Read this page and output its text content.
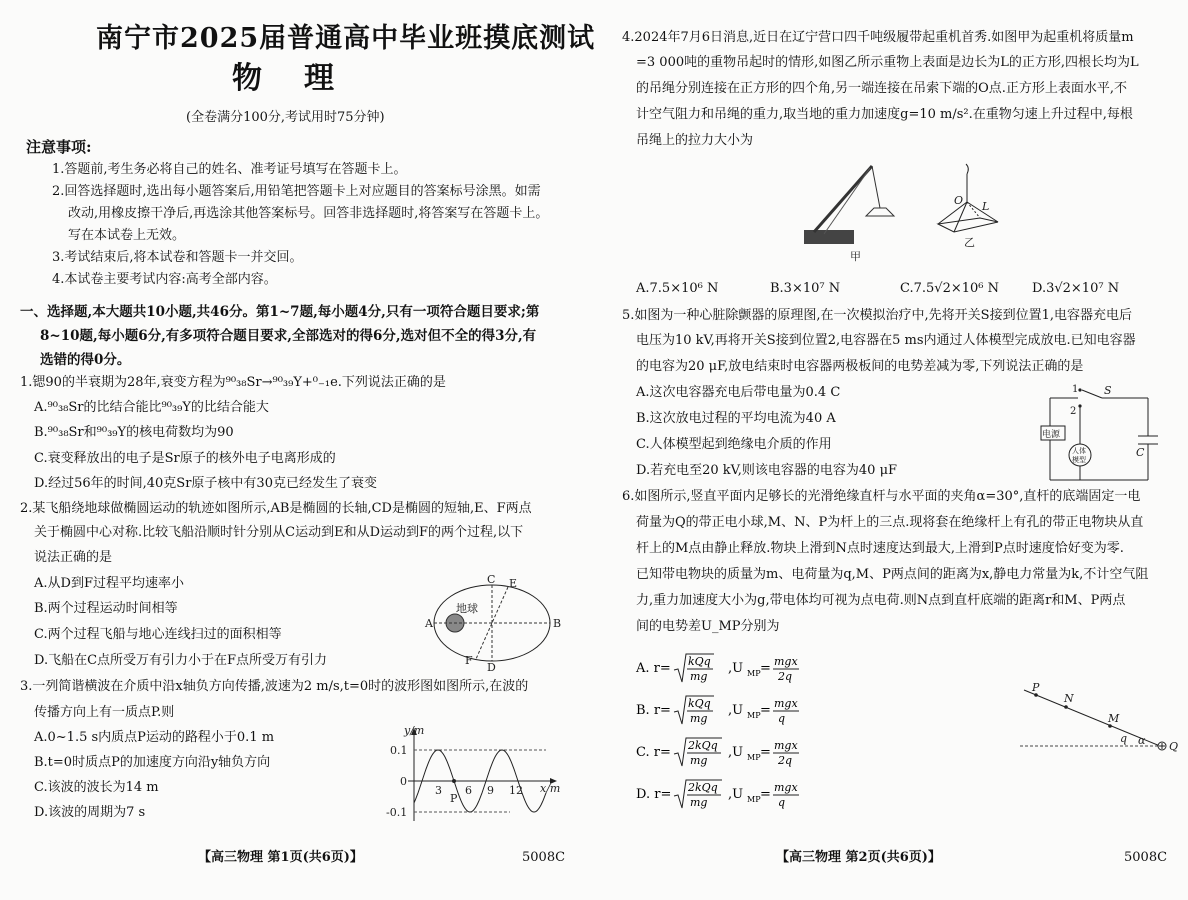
南宁市2025届普通高中毕业班摸底测试
物理
(全卷满分100分,考试用时75分钟)
注意事项:
1.答题前,考生务必将自己的姓名、准考证号填写在答题卡上。
2.回答选择题时,选出每小题答案后,用铅笔把答题卡上对应题目的答案标号涂黑。如需
改动,用橡皮擦干净后,再选涂其他答案标号。回答非选择题时,将答案写在答题卡上。
写在本试卷上无效。
3.考试结束后,将本试卷和答题卡一并交回。
4.本试卷主要考试内容:高考全部内容。
一、选择题,本大题共10小题,共46分。第1~7题,每小题4分,只有一项符合题目要求;第
8~10题,每小题6分,有多项符合题目要求,全部选对的得6分,选对但不全的得3分,有
选错的得0分。
1.锶90的半衰期为28年,衰变方程为⁹⁰₃₈Sr→⁹⁰₃₉Y+⁰₋₁e.下列说法正确的是
A.⁹⁰₃₈Sr的比结合能比⁹⁰₃₉Y的比结合能大
B.⁹⁰₃₈Sr和⁹⁰₃₉Y的核电荷数均为90
C.衰变释放出的电子是Sr原子的核外电子电离形成的
D.经过56年的时间,40克Sr原子核中有30克已经发生了衰变
2.某飞船绕地球做椭圆运动的轨迹如图所示,AB是椭圆的长轴,CD是椭圆的短轴,E、F两点
关于椭圆中心对称.比较飞船沿顺时针分别从C运动到E和从D运动到F的两个过程,以下
说法正确的是
A.从D到F过程平均速率小
B.两个过程运动时间相等
C.两个过程飞船与地心连线扫过的面积相等
D.飞船在C点所受万有引力小于在F点所受万有引力
地球
A	B
C
D
E
F
3.一列简谐横波在介质中沿x轴负方向传播,波速为2 m/s,t=0时的波形图如图所示,在波的
传播方向上有一质点P.则
A.0~1.5 s内质点P运动的路程小于0.1 m
B.t=0时质点P的加速度方向沿y轴负方向
C.该波的波长为14 m
D.该波的周期为7 s
y/m
x/m
0.1
0
-0.1
3 6 9 12
P
【高三物理 第1页(共6页)】	5008C
4.2024年7月6日消息,近日在辽宁营口四千吨级履带起重机首秀.如图甲为起重机将质量m
=3 000吨的重物吊起时的情形,如图乙所示重物上表面是边长为L的正方形,四根长均为L
的吊绳分别连接在正方形的四个角,另一端连接在吊索下端的O点.正方形上表面水平,不
计空气阻力和吊绳的重力,取当地的重力加速度g=10 m/s².在重物匀速上升过程中,每根
吊绳上的拉力大小为
甲
O L
乙
A.7.5×10⁶ N	B.3×10⁷ N	C.7.5√2×10⁶ N	D.3√2×10⁷ N
5.如图为一种心脏除颤器的原理图,在一次模拟治疗中,先将开关S接到位置1,电容器充电后
电压为10 kV,再将开关S接到位置2,电容器在5 ms内通过人体模型完成放电.已知电容器
的电容为20 μF,放电结束时电容器两极板间的电势差减为零,下列说法正确的是
A.这次电容器充电后带电量为0.4 C
B.这次放电过程的平均电流为40 A
C.人体模型起到绝缘电介质的作用
D.若充电至20 kV,则该电容器的电容为40 μF
电源
人体
模型
S
C
1
2
6.如图所示,竖直平面内足够长的光滑绝缘直杆与水平面的夹角α=30°,直杆的底端固定一电
荷量为Q的带正电小球,M、N、P为杆上的三点.现将套在绝缘杆上有孔的带正电物块从直
杆上的M点由静止释放.物块上滑到N点时速度达到最大,上滑到P点时速度恰好变为零.
已知带电物块的质量为m、电荷量为q,M、P两点间的距离为x,静电力常量为k,不计空气阻
力,重力加速度大小为g,带电体均可视为点电荷.则N点到直杆底端的距离r和M、P两点
间的电势差U_MP分别为
A. r= kQq
mg
,U MP = mgx
2q
B. r= kQq
mg
,U MP = mgx
q
C. r= 2kQq
mg
,U MP = mgx
2q
D. r= 2kQq
mg
,U MP = mgx
q
P
N
M
q α Q
【高三物理 第2页(共6页)】	5008C
